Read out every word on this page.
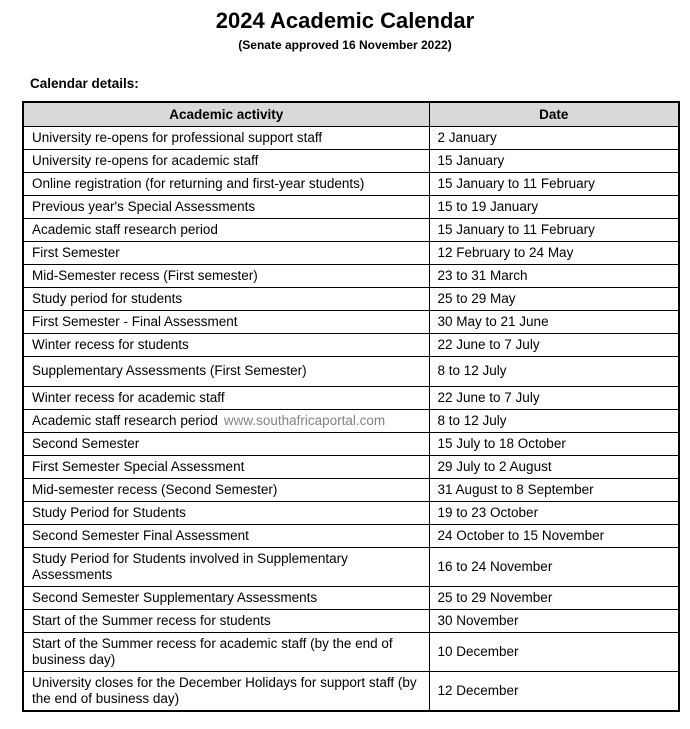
2024 Academic Calendar
(Senate approved 16 November 2022)
Calendar details:
Academic activity	Date
University re-opens for professional support staff	2 January
University re-opens for academic staff	15 January
Online registration (for returning and first-year students)	15 January to 11 February
Previous year's Special Assessments	15 to 19 January
Academic staff research period	15 January to 11 February
First Semester	12 February to 24 May
Mid-Semester recess (First semester)	23 to 31 March
Study period for students	25 to 29 May
First Semester - Final Assessment	30 May to 21 June
Winter recess for students	22 June to 7 July
Supplementary Assessments (First Semester)	8 to 12 July
Winter recess for academic staff	22 June to 7 July
Academic staff research period www.southafricaportal.com	8 to 12 July
Second Semester	15 July to 18 October
First Semester Special Assessment	29 July to 2 August
Mid-semester recess (Second Semester)	31 August to 8 September
Study Period for Students	19 to 23 October
Second Semester Final Assessment	24 October to 15 November
Study Period for Students involved in Supplementary Assessments	16 to 24 November
Second Semester Supplementary Assessments	25 to 29 November
Start of the Summer recess for students	30 November
Start of the Summer recess for academic staff (by the end of business day)	10 December
University closes for the December Holidays for support staff (by the end of business day)	12 December
